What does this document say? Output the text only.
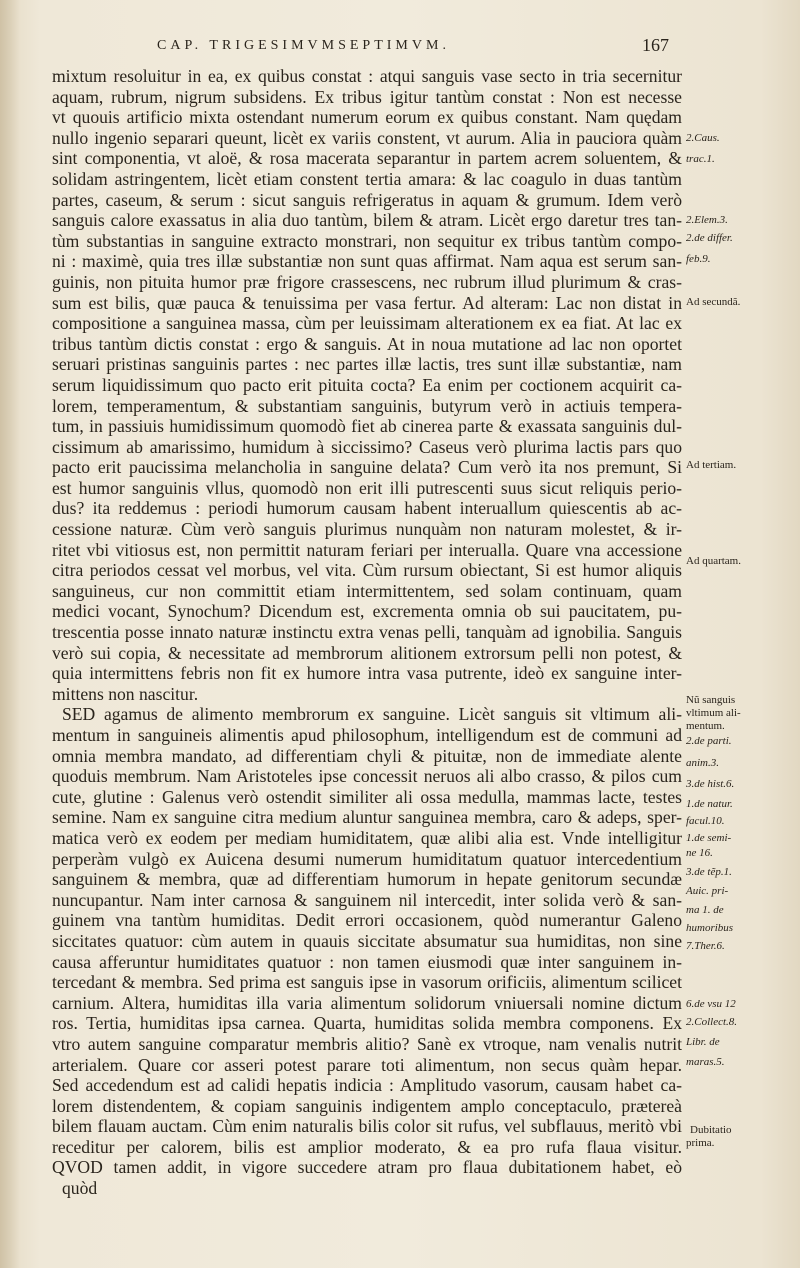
CAP. TRIGESIMVMSEPTIMVM.	167
mixtum resoluitur in ea, ex quibus constat : atqui sanguis vase secto in tria secernitur
aquam, rubrum, nigrum subsidens. Ex tribus igitur tantùm constat : Non est necesse
vt quouis artificio mixta ostendant numerum eorum ex quibus constant. Nam quędam
nullo ingenio separari queunt, licèt ex variis constent, vt aurum. Alia in pauciora quàm
sint componentia, vt aloë, & rosa macerata separantur in partem acrem soluentem, &
solidam astringentem, licèt etiam constent tertia amara: & lac coagulo in duas tantùm
partes, caseum, & serum : sicut sanguis refrigeratus in aquam & grumum. Idem verò
sanguis calore exassatus in alia duo tantùm, bilem & atram. Licèt ergo daretur tres tan-
tùm substantias in sanguine extracto monstrari, non sequitur ex tribus tantùm compo-
ni : maximè, quia tres illæ substantiæ non sunt quas affirmat. Nam aqua est serum san-
guinis, non pituita humor præ frigore crassescens, nec rubrum illud plurimum & cras-
sum est bilis, quæ pauca & tenuissima per vasa fertur. Ad alteram: Lac non distat in
compositione a sanguinea massa, cùm per leuissimam alterationem ex ea fiat. At lac ex
tribus tantùm dictis constat : ergo & sanguis. At in noua mutatione ad lac non oportet
seruari pristinas sanguinis partes : nec partes illæ lactis, tres sunt illæ substantiæ, nam
serum liquidissimum quo pacto erit pituita cocta? Ea enim per coctionem acquirit ca-
lorem, temperamentum, & substantiam sanguinis, butyrum verò in actiuis tempera-
tum, in passiuis humidissimum quomodò fiet ab cinerea parte & exassata sanguinis dul-
cissimum ab amarissimo, humidum à siccissimo? Caseus verò plurima lactis pars quo
pacto erit paucissima melancholia in sanguine delata? Cum verò ita nos premunt, Si
est humor sanguinis vllus, quomodò non erit illi putrescenti suus sicut reliquis perio-
dus? ita reddemus : periodi humorum causam habent interuallum quiescentis ab ac-
cessione naturæ. Cùm verò sanguis plurimus nunquàm non naturam molestet, & ir-
ritet vbi vitiosus est, non permittit naturam feriari per interualla. Quare vna accessione
citra periodos cessat vel morbus, vel vita. Cùm rursum obiectant, Si est humor aliquis
sanguineus, cur non committit etiam intermittentem, sed solam continuam, quam
medici vocant, Synochum? Dicendum est, excrementa omnia ob sui paucitatem, pu-
trescentia posse innato naturæ instinctu extra venas pelli, tanquàm ad ignobilia. Sanguis
verò sui copia, & necessitate ad membrorum alitionem extrorsum pelli non potest, &
quia intermittens febris non fit ex humore intra vasa putrente, ideò ex sanguine inter-
mittens non nascitur.
SED agamus de alimento membrorum ex sanguine. Licèt sanguis sit vltimum ali-
mentum in sanguineis alimentis apud philosophum, intelligendum est de communi ad
omnia membra mandato, ad differentiam chyli & pituitæ, non de immediate alente
quoduis membrum. Nam Aristoteles ipse concessit neruos ali albo crasso, & pilos cum
cute, glutine : Galenus verò ostendit similiter ali ossa medulla, mammas lacte, testes
semine. Nam ex sanguine citra medium aluntur sanguinea membra, caro & adeps, sper-
matica verò ex eodem per mediam humiditatem, quæ alibi alia est. Vnde intelligitur
perperàm vulgò ex Auicena desumi numerum humiditatum quatuor intercedentium
sanguinem & membra, quæ ad differentiam humorum in hepate genitorum secundæ
nuncupantur. Nam inter carnosa & sanguinem nil intercedit, inter solida verò & san-
guinem vna tantùm humiditas. Dedit errori occasionem, quòd numerantur Galeno
siccitates quatuor: cùm autem in quauis siccitate absumatur sua humiditas, non sine
causa afferuntur humiditates quatuor : non tamen eiusmodi quæ inter sanguinem in-
tercedant & membra. Sed prima est sanguis ipse in vasorum orificiis, alimentum scilicet
carnium. Altera, humiditas illa varia alimentum solidorum vniuersali nomine dictum
ros. Tertia, humiditas ipsa carnea. Quarta, humiditas solida membra componens. Ex
vtro autem sanguine comparatur membris alitio? Sanè ex vtroque, nam venalis nutrit
arterialem. Quare cor asseri potest parare toti alimentum, non secus quàm hepar.
Sed accedendum est ad calidi hepatis indicia : Amplitudo vasorum, causam habet ca-
lorem distendentem, & copiam sanguinis indigentem amplo conceptaculo, prætereà
bilem flauam auctam. Cùm enim naturalis bilis color sit rufus, vel subflauus, meritò vbi
receditur per calorem, bilis est amplior moderato, & ea pro rufa flaua visitur.
QVOD tamen addit, in vigore succedere atram pro flaua dubitationem habet, eò
quòd
2.Caus.
trac.1.
2.Elem.3.
2.de differ.
feb.9.
Ad secundã.
Ad tertiam.
Ad quartam.
Nũ sanguis
vltimum ali-
mentum.
2.de parti.
anim.3.
3.de hist.6.
1.de natur.
facul.10.
1.de semi-
ne 16.
3.de tẽp.1.
Auic. pri-
ma 1. de
humoribus
7.Ther.6.
6.de vsu 12
2.Collect.8.
Libr. de
maras.5.
Dubitatio
prima.
